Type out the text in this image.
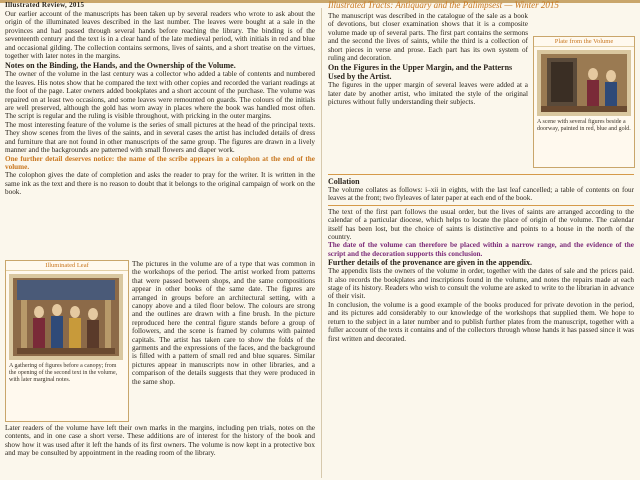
Illustrated Review, 2015	Illustrated Tracts: Antiquary and the Palimpsest — Winter 2015

Our earlier account of the manuscripts has been taken up by several readers who wrote to ask about the origin of the illuminated leaves described in the last number. The leaves were bought at a sale in the provinces and had passed through several hands before reaching the library. The binding is of the seventeenth century and the text is in a clear hand of the late medieval period, with initials in red and blue and occasional gilding. The collection contains sermons, lives of saints, and a short treatise on the virtues, together with later notes in the margins.

Notes on the Binding, the Hands, and the Ownership of the Volume.

The owner of the volume in the last century was a collector who added a table of contents and numbered the leaves. His notes show that he compared the text with other copies and recorded the variant readings at the foot of the page. Later owners added bookplates and a short account of the purchase. The volume was repaired on at least two occasions, and some leaves were remounted on guards. The colours of the initials are well preserved, although the gold has worn away in places where the book was handled most often. The script is regular and the ruling is visible throughout, with pricking in the outer margins.

The most interesting feature of the volume is the series of small pictures at the head of the principal texts. They show scenes from the lives of the saints, and in several cases the artist has included details of dress and furniture that are not found in other manuscripts of the same group. The figures are drawn in a lively manner and the backgrounds are patterned with small flowers and diaper work.

One further detail deserves notice: the name of the scribe appears in a colophon at the end of the volume.

The colophon gives the date of completion and asks the reader to pray for the writer. It is written in the same ink as the text and there is no reason to doubt that it belongs to the original campaign of work on the book.

Illuminated Leaf
A gathering of figures before a canopy; from the opening of the second text in the volume, with later marginal notes.

The pictures in the volume are of a type that was common in the workshops of the period. The artist worked from patterns that were passed between shops, and the same compositions appear in other books of the same date. The figures are arranged in groups before an architectural setting, with a canopy above and a tiled floor below. The colours are strong and the outlines are drawn with a fine brush. In the picture reproduced here the central figure stands before a group of followers, and the scene is framed by columns with painted capitals. The artist has taken care to show the folds of the garments and the expressions of the faces, and the background is filled with a pattern of small red and blue squares. Similar pictures appear in manuscripts now in other libraries, and a comparison of the details suggests that they were produced in the same shop.

Later readers of the volume have left their own marks in the margins, including pen trials, notes on the contents, and in one case a short verse. These additions are of interest for the history of the book and show how it was used after it left the hands of its first owners. The volume is now kept in a protective box and may be consulted by appointment in the reading room of the library.

The manuscript was described in the catalogue of the sale as a book of devotions, but closer examination shows that it is a composite volume made up of several parts. The first part contains the sermons and the second the lives of saints, while the third is a collection of short pieces in verse and prose. Each part has its own system of ruling and decoration.

On the Figures in the Upper Margin, and the Patterns Used by the Artist.

The figures in the upper margin of several leaves were added at a later date by another artist, who imitated the style of the original pictures without fully understanding their subjects.

Collation

The volume collates as follows: i–xii in eights, with the last leaf cancelled; a table of contents on four leaves at the front; two flyleaves of later paper at each end of the book.

The text of the first part follows the usual order, but the lives of saints are arranged according to the calendar of a particular diocese, which helps to locate the place of origin of the volume. The calendar itself has been lost, but the choice of saints is distinctive and points to a house in the north of the country.

The date of the volume can therefore be placed within a narrow range, and the evidence of the script and the decoration supports this conclusion.

Further details of the provenance are given in the appendix.

The appendix lists the owners of the volume in order, together with the dates of sale and the prices paid. It also records the bookplates and inscriptions found in the volume, and notes the repairs made at each stage of its history. Readers who wish to consult the volume are asked to write to the librarian in advance of their visit.

In conclusion, the volume is a good example of the books produced for private devotion in the period, and its pictures add considerably to our knowledge of the workshops that supplied them. We hope to return to the subject in a later number and to publish further plates from the manuscript, together with a fuller account of the texts it contains and of the collectors through whose hands it has passed since it was first written and decorated.

Plate from the Volume
A scene with several figures beside a doorway, painted in red, blue and gold.
